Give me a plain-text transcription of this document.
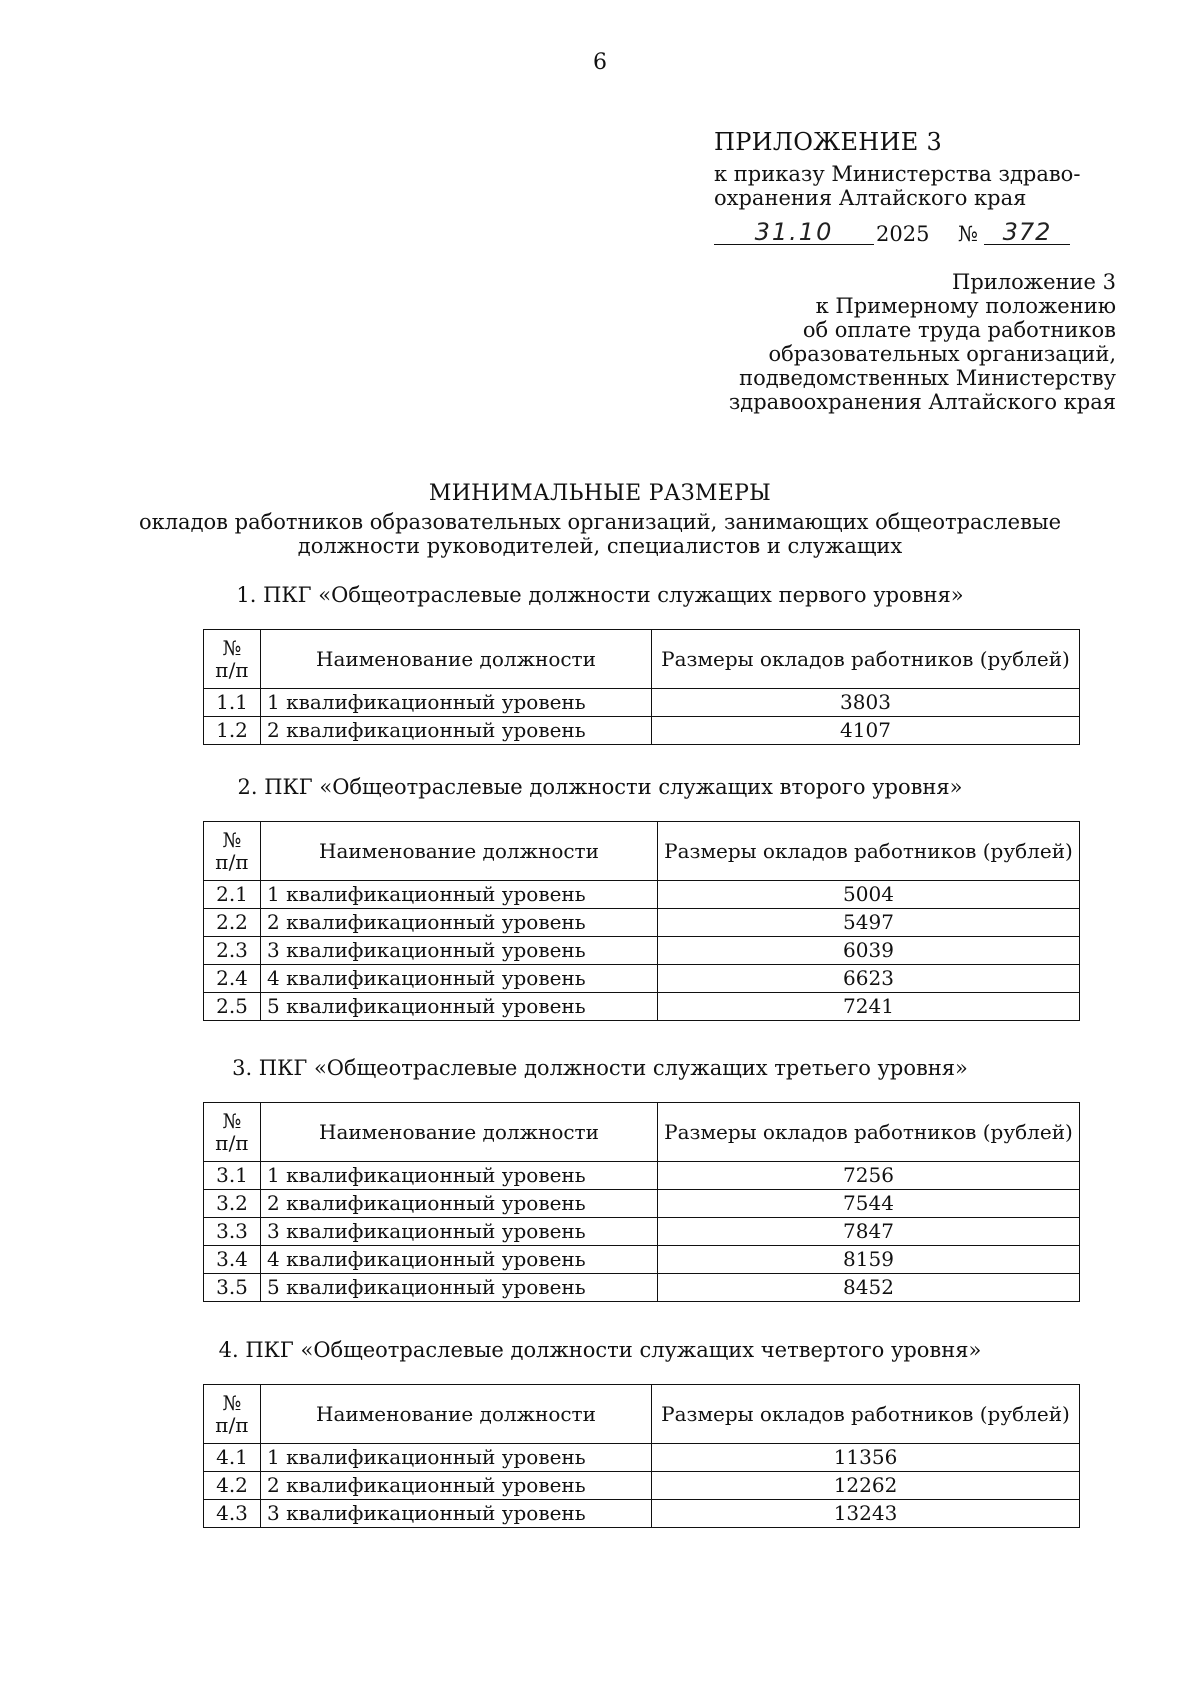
6
ПРИЛОЖЕНИЕ 3
к приказу Министерства здраво-
охранения Алтайского края
31.10	2025 №	372
Приложение 3
к Примерному положению
об оплате труда работников
образовательных организаций,
подведомственных Министерству
здравоохранения Алтайского края
МИНИМАЛЬНЫЕ РАЗМЕРЫ
окладов работников образовательных организаций, занимающих общеотраслевые
должности руководителей, специалистов и служащих
1. ПКГ «Общеотраслевые должности служащих первого уровня»
№ п/п	Наименование должности	Размеры окладов работников (рублей)
1.1	1 квалификационный уровень	3803
1.2	2 квалификационный уровень	4107
2. ПКГ «Общеотраслевые должности служащих второго уровня»
№ п/п	Наименование должности	Размеры окладов работников (рублей)
2.1	1 квалификационный уровень	5004
2.2	2 квалификационный уровень	5497
2.3	3 квалификационный уровень	6039
2.4	4 квалификационный уровень	6623
2.5	5 квалификационный уровень	7241
3. ПКГ «Общеотраслевые должности служащих третьего уровня»
№ п/п	Наименование должности	Размеры окладов работников (рублей)
3.1	1 квалификационный уровень	7256
3.2	2 квалификационный уровень	7544
3.3	3 квалификационный уровень	7847
3.4	4 квалификационный уровень	8159
3.5	5 квалификационный уровень	8452
4. ПКГ «Общеотраслевые должности служащих четвертого уровня»
№ п/п	Наименование должности	Размеры окладов работников (рублей)
4.1	1 квалификационный уровень	11356
4.2	2 квалификационный уровень	12262
4.3	3 квалификационный уровень	13243
